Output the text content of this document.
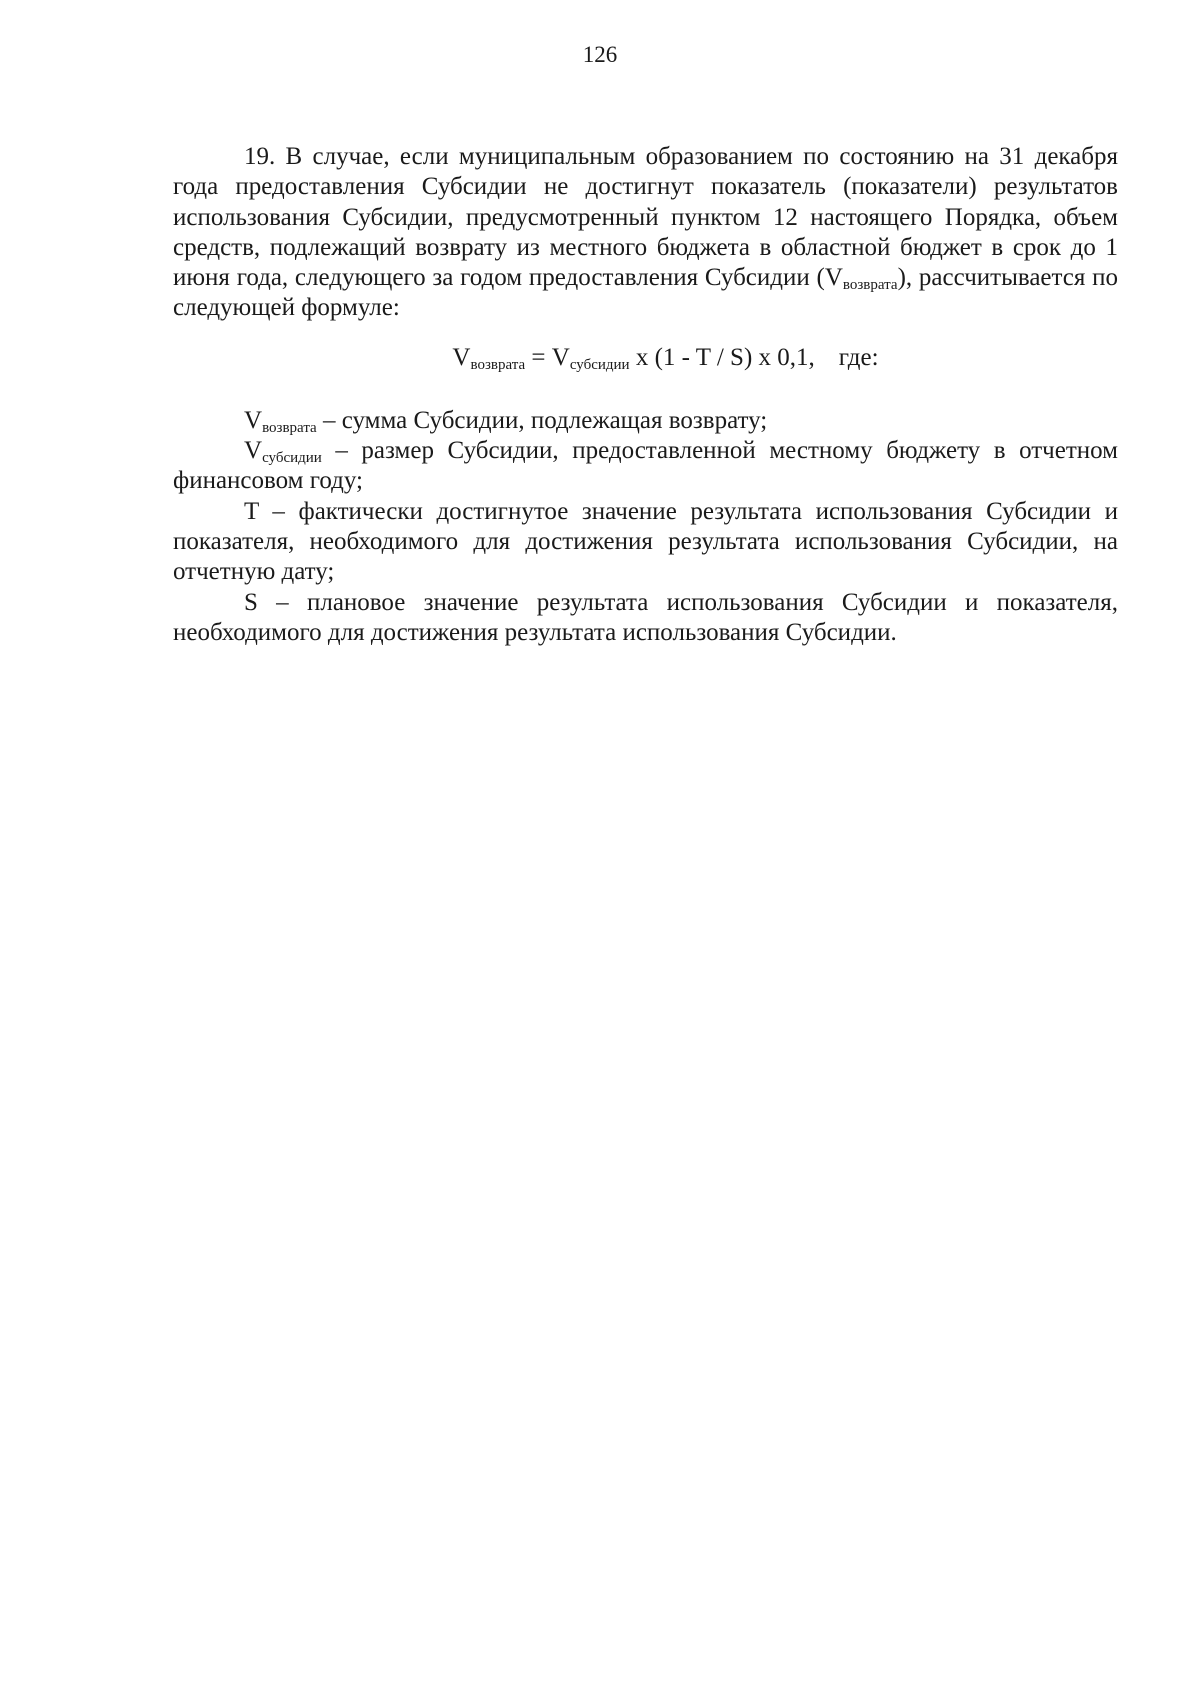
126

19. В случае, если муниципальным образованием по состоянию на 31 декабря года предоставления Субсидии не достигнут показатель (показатели) результатов использования Субсидии, предусмотренный пунктом 12 настоящего Порядка, объем средств, подлежащий возврату из местного бюджета в областной бюджет в срок до 1 июня года, следующего за годом предоставления Субсидии $(V_{возврата})$, рассчитывается по следующей формуле:

$V_{возврата} = V_{субсидии}$ x (1 - T / S) x 0,1, где:

$V_{возврата}$ – сумма Субсидии, подлежащая возврату;

$V_{субсидии}$ – размер Субсидии, предоставленной местному бюджету в отчетном финансовом году;

T – фактически достигнутое значение результата использования Субсидии и показателя, необходимого для достижения результата использования Субсидии, на отчетную дату;

S – плановое значение результата использования Субсидии и показателя, необходимого для достижения результата использования Субсидии.
